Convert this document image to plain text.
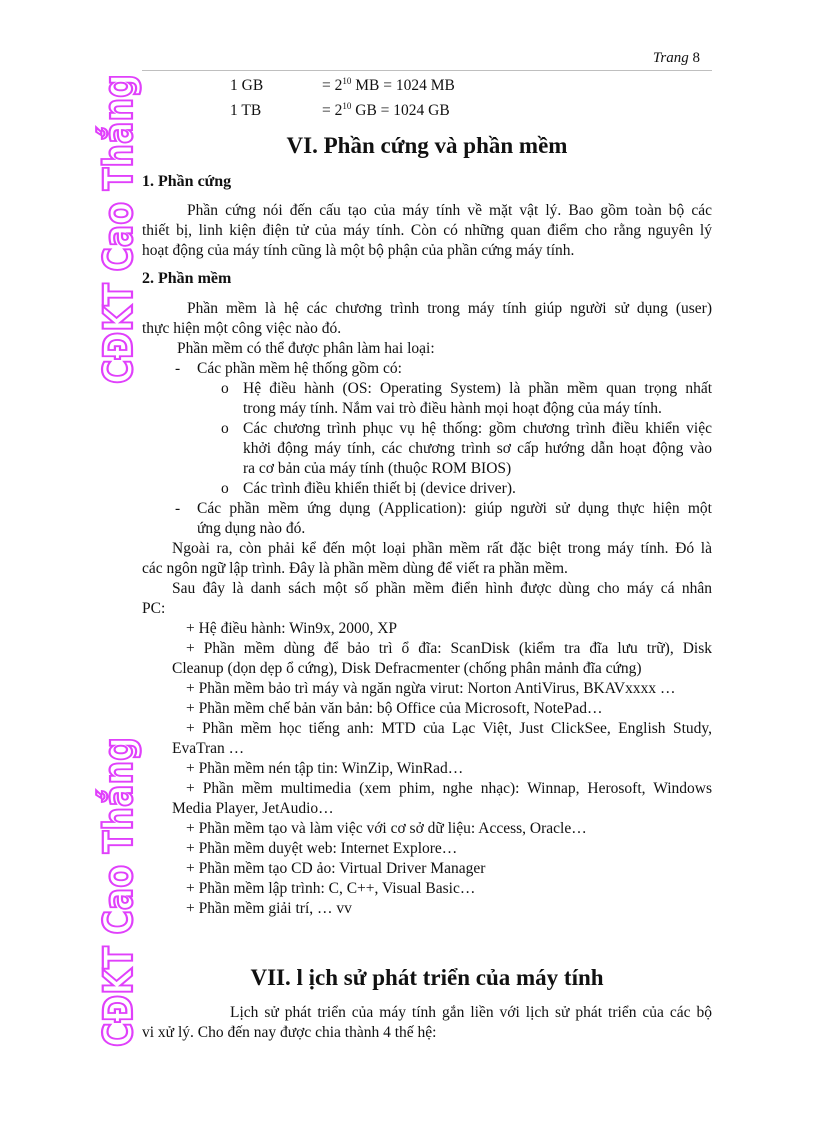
Trang 8
CĐKT Cao Thắng
CĐKT Cao Thắng
1 GB	= $2^{10}$ MB = 1024 MB
1 TB	= $2^{10}$ GB = 1024 GB
VI. Phần cứng và phần mềm
1. Phần cứng
Phần cứng nói đến cấu tạo của máy tính về mặt vật lý. Bao gồm toàn bộ các
thiết bị, linh kiện điện tử của máy tính. Còn có những quan điểm cho rằng nguyên lý
hoạt động của máy tính cũng là một bộ phận của phần cứng máy tính.
2. Phần mềm
Phần mềm là hệ các chương trình trong máy tính giúp người sử dụng (user)
thực hiện một công việc nào đó.
Phần mềm có thể được phân làm hai loại:
- Các phần mềm hệ thống gồm có:
o Hệ điều hành (OS: Operating System) là phần mềm quan trọng nhất
trong máy tính. Nắm vai trò điều hành mọi hoạt động của máy tính.
o Các chương trình phục vụ hệ thống: gồm chương trình điều khiển việc
khởi động máy tính, các chương trình sơ cấp hướng dẫn hoạt động vào
ra cơ bản của máy tính (thuộc ROM BIOS)
o Các trình điều khiển thiết bị (device driver).
- Các phần mềm ứng dụng (Application): giúp người sử dụng thực hiện một
ứng dụng nào đó.
Ngoài ra, còn phải kể đến một loại phần mềm rất đặc biệt trong máy tính. Đó là
các ngôn ngữ lập trình. Đây là phần mềm dùng để viết ra phần mềm.
Sau đây là danh sách một số phần mềm điển hình được dùng cho máy cá nhân
PC:
+ Hệ điều hành: Win9x, 2000, XP
+ Phần mềm dùng để bảo trì ổ đĩa: ScanDisk (kiểm tra đĩa lưu trữ), Disk
Cleanup (dọn dẹp ổ cứng), Disk Defracmenter (chống phân mảnh đĩa cứng)
+ Phần mềm bảo trì máy và ngăn ngừa virut: Norton AntiVirus, BKAVxxxx …
+ Phần mềm chế bản văn bản: bộ Office của Microsoft, NotePad…
+ Phần mềm học tiếng anh: MTD của Lạc Việt, Just ClickSee, English Study,
EvaTran …
+ Phần mềm nén tập tin: WinZip, WinRad…
+ Phần mềm multimedia (xem phim, nghe nhạc): Winnap, Herosoft, Windows
Media Player, JetAudio…
+ Phần mềm tạo và làm việc với cơ sở dữ liệu: Access, Oracle…
+ Phần mềm duyệt web: Internet Explore…
+ Phần mềm tạo CD ảo: Virtual Driver Manager
+ Phần mềm lập trình: C, C++, Visual Basic…
+ Phần mềm giải trí, … vv
VII. l ịch sử phát triển của máy tính
Lịch sử phát triển của máy tính gắn liền với lịch sử phát triển của các bộ
vi xử lý. Cho đến nay được chia thành 4 thế hệ:
